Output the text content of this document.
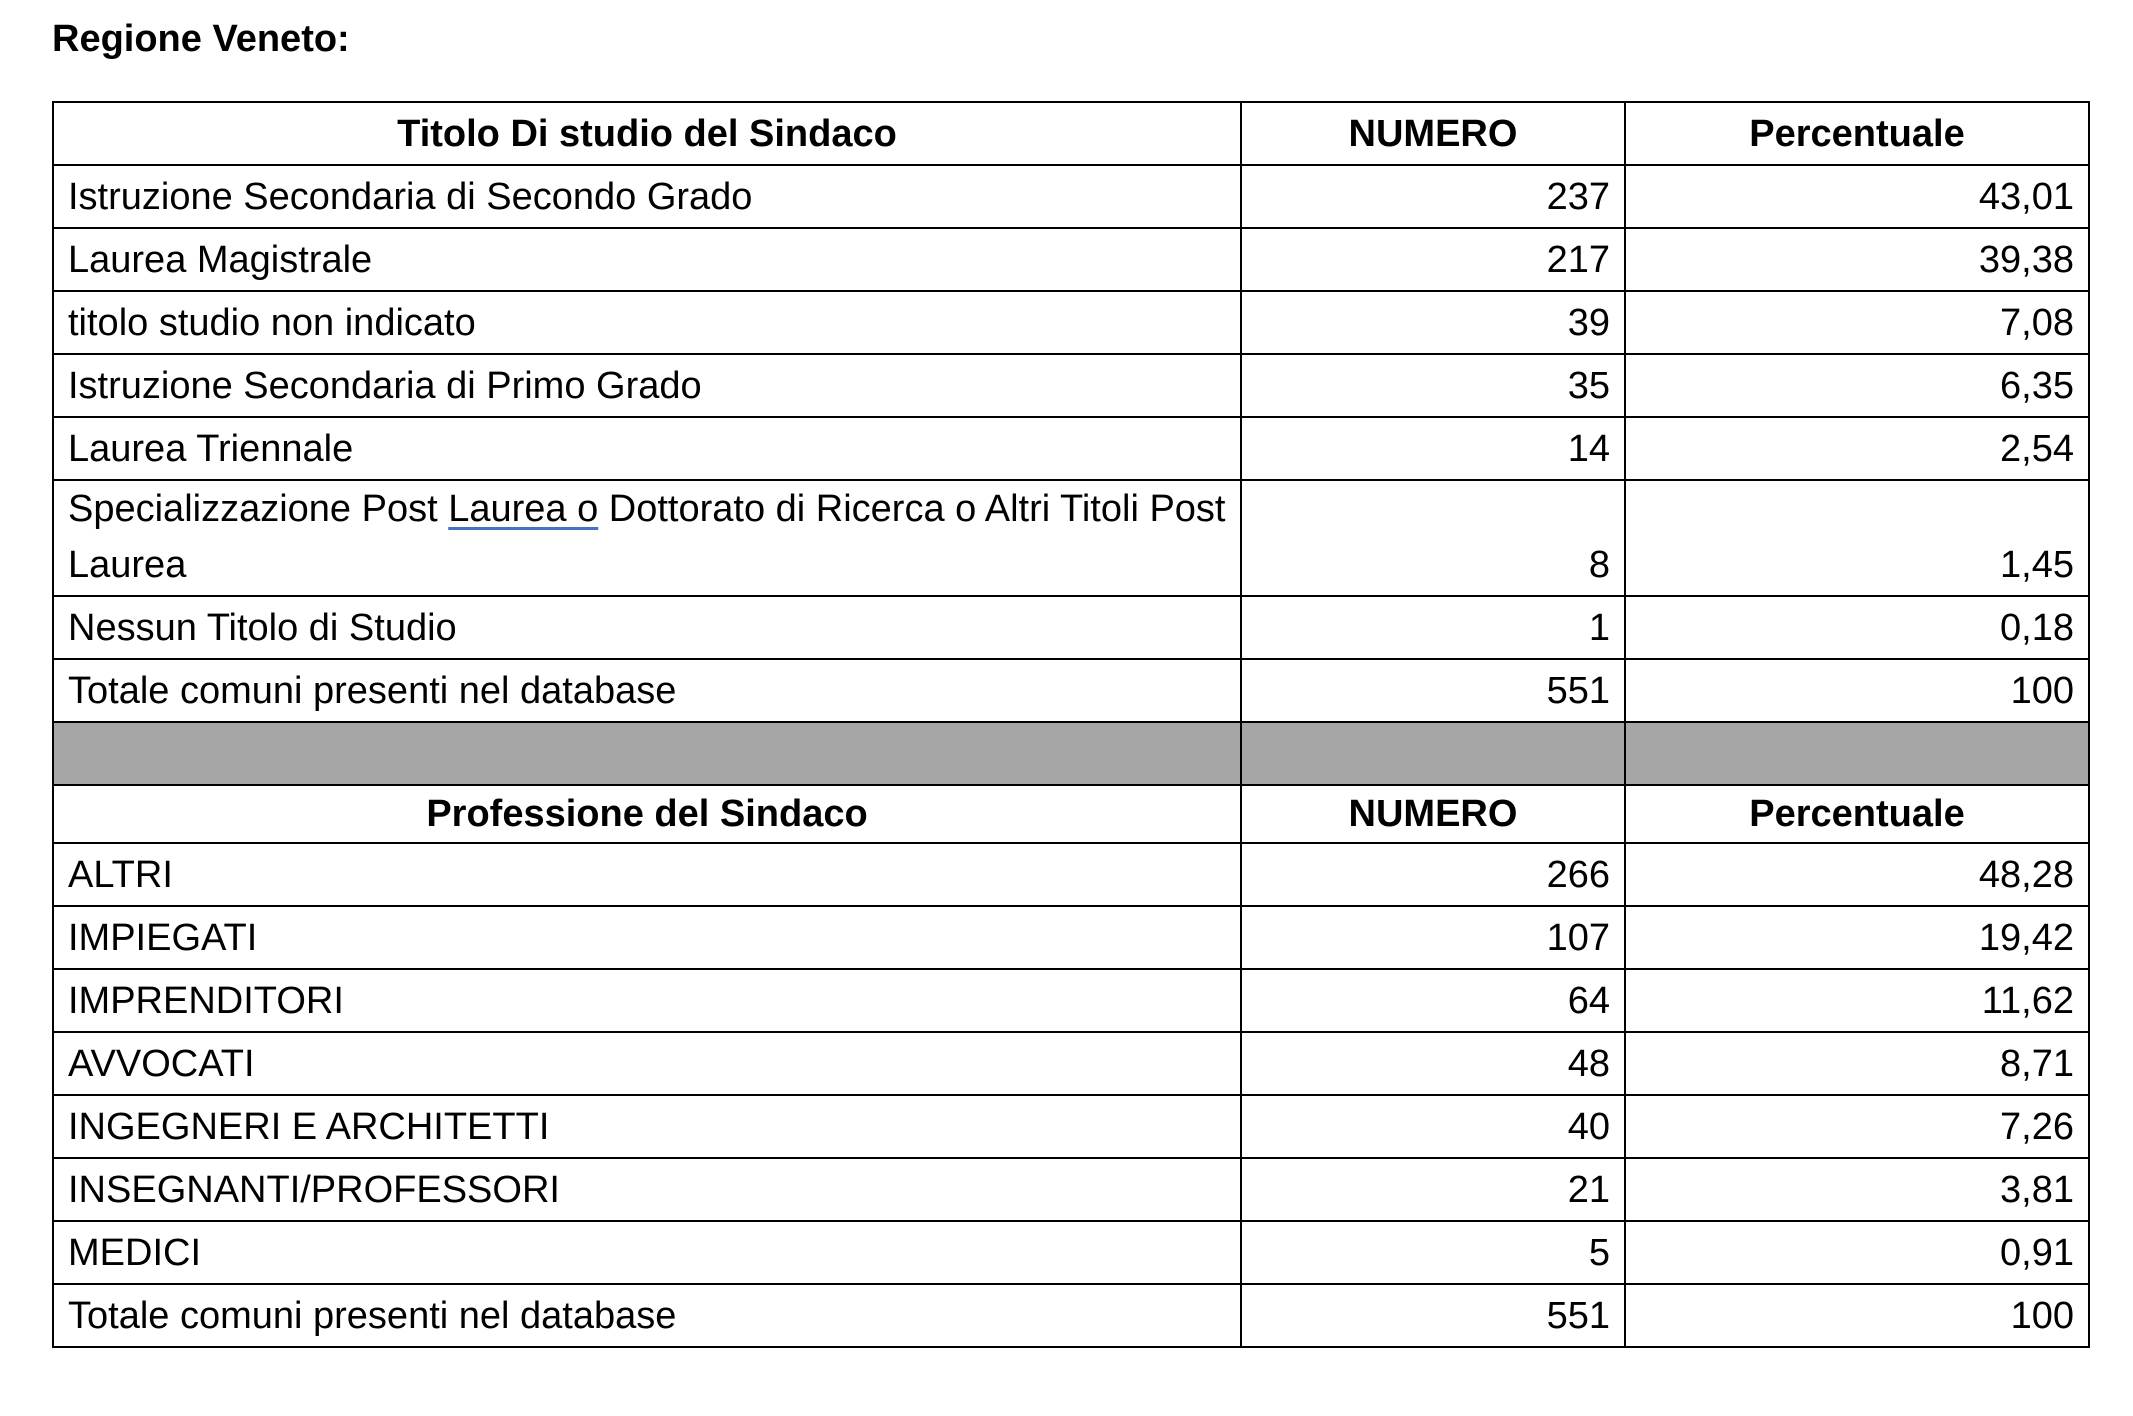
Regione Veneto:
Titolo Di studio del Sindaco	NUMERO	Percentuale
Istruzione Secondaria di Secondo Grado	237	43,01
Laurea Magistrale	217	39,38
titolo studio non indicato	39	7,08
Istruzione Secondaria di Primo Grado	35	6,35
Laurea Triennale	14	2,54
Specializzazione Post Laurea o Dottorato di Ricerca o Altri Titoli Post Laurea	8	1,45
Nessun Titolo di Studio	1	0,18
Totale comuni presenti nel database	551	100

Professione del Sindaco	NUMERO	Percentuale
ALTRI	266	48,28
IMPIEGATI	107	19,42
IMPRENDITORI	64	11,62
AVVOCATI	48	8,71
INGEGNERI E ARCHITETTI	40	7,26
INSEGNANTI/PROFESSORI	21	3,81
MEDICI	5	0,91
Totale comuni presenti nel database	551	100
